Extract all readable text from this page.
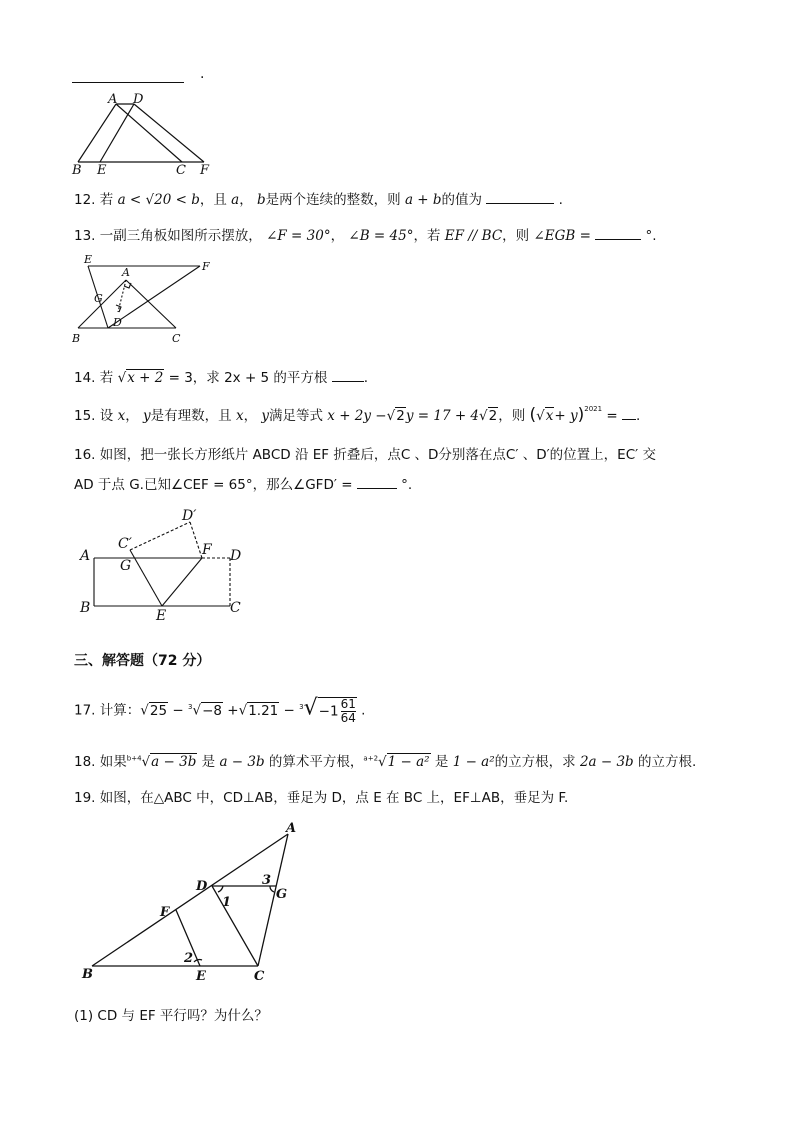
.
A D
B E	C F
12. 若 a < √20 < b，且 a， b是两个连续的整数，则 a + b的值为	.
13. 一副三角板如图所示摆放， ∠F = 30°， ∠B = 45°，若 EF // BC，则 ∠EGB =	°.
E
F
A
G
D
B	C
14. 若 √x + 2 = 3，求 2x + 5 的平方根	.
15. 设 x， y是有理数，且 x， y满足等式 x + 2y −√2y = 17 + 4√2，则 $(√x+ y)^{2021}$ = .
16. 如图，把一张长方形纸片 ABCD 沿 EF 折叠后，点C 、D分别落在点C′ 、D′的位置上，EC′ 交
AD 于点 G.已知∠CEF = 65°，那么∠GFD′ =	°.
D′
C′
A
G
F D
B	E	C
三、解答题（72 分）
17. 计算：$√25 - ^3√-8 +√1.21 - ^3√-1 \frac{61}{64}$ .
18. 如果$^{b+4}$√a − 3b 是 a − 3b 的算术平方根，$^{a+2}$√1 − a² 是 1 − a²的立方根，求 2a − 3b 的立方根.
19. 如图，在△ABC 中，CD⊥AB，垂足为 D，点 E 在 BC 上，EF⊥AB，垂足为 F.
A
D	3
G
1
F
2
B	E	C
(1) CD 与 EF 平行吗？为什么？
